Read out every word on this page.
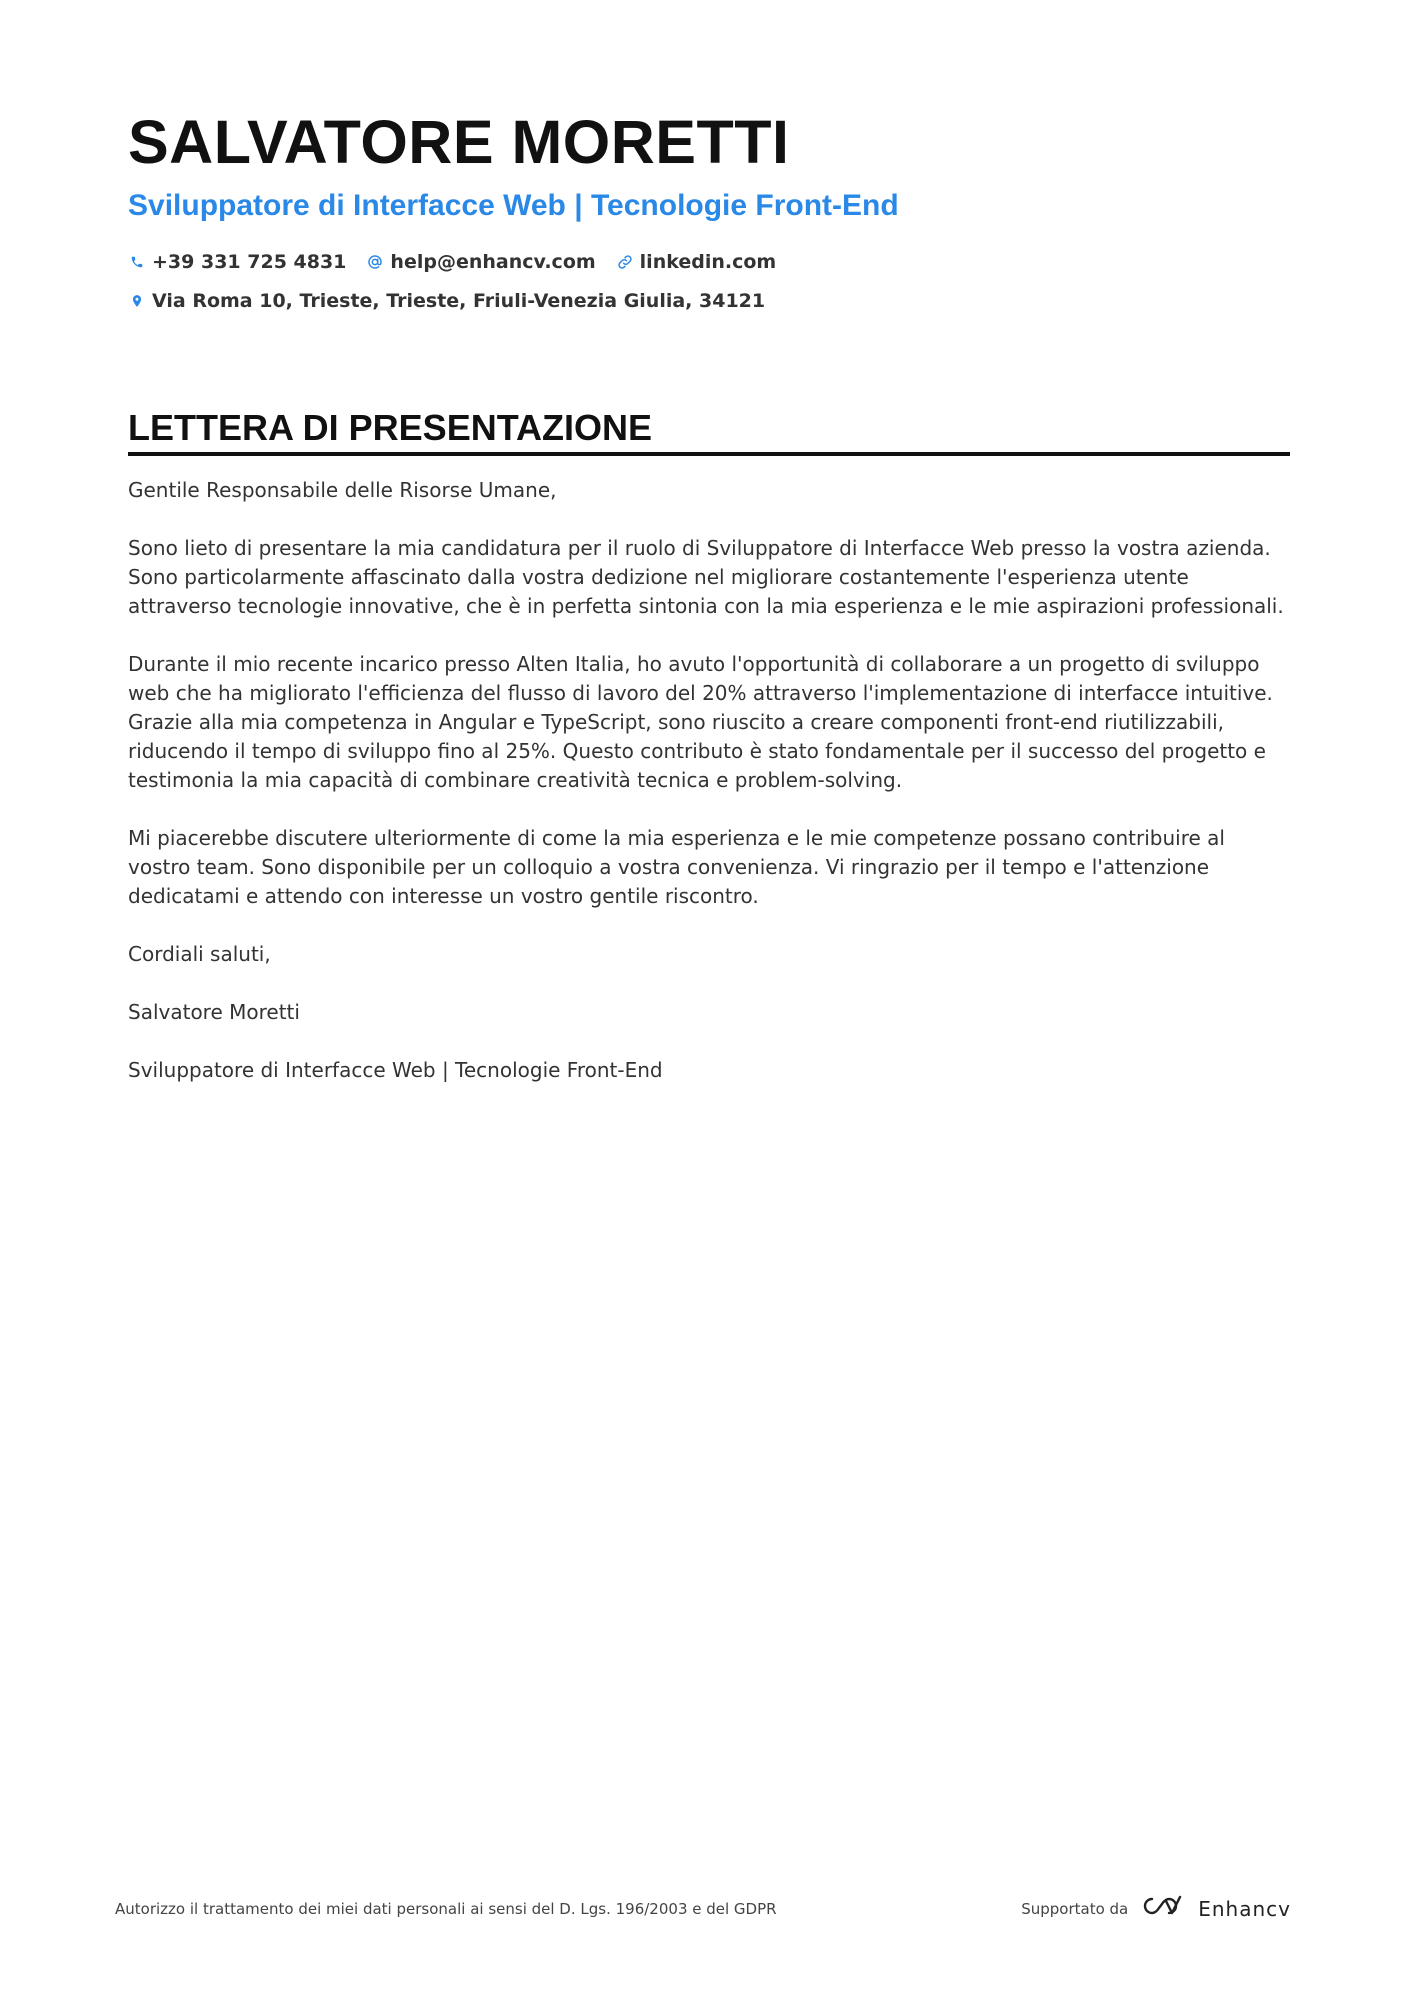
SALVATORE MORETTI
Sviluppatore di Interfacce Web | Tecnologie Front-End
+39 331 725 4831 help@enhancv.com linkedin.com
Via Roma 10, Trieste, Trieste, Friuli-Venezia Giulia, 34121
LETTERA DI PRESENTAZIONE

Gentile Responsabile delle Risorse Umane,

Sono lieto di presentare la mia candidatura per il ruolo di Sviluppatore di Interfacce Web presso la vostra azienda. Sono particolarmente affascinato dalla vostra dedizione nel migliorare costantemente l'esperienza utente attraverso tecnologie innovative, che è in perfetta sintonia con la mia esperienza e le mie aspirazioni professionali.

Durante il mio recente incarico presso Alten Italia, ho avuto l'opportunità di collaborare a un progetto di sviluppo web che ha migliorato l'efficienza del flusso di lavoro del 20% attraverso l'implementazione di interfacce intuitive. Grazie alla mia competenza in Angular e TypeScript, sono riuscito a creare componenti front-end riutilizzabili, riducendo il tempo di sviluppo fino al 25%. Questo contributo è stato fondamentale per il successo del progetto e testimonia la mia capacità di combinare creatività tecnica e problem-solving.

Mi piacerebbe discutere ulteriormente di come la mia esperienza e le mie competenze possano contribuire al vostro team. Sono disponibile per un colloquio a vostra convenienza. Vi ringrazio per il tempo e l'attenzione dedicatami e attendo con interesse un vostro gentile riscontro.

Cordiali saluti,

Salvatore Moretti

Sviluppatore di Interfacce Web | Tecnologie Front-End

Autorizzo il trattamento dei miei dati personali ai sensi del D. Lgs. 196/2003 e del GDPR	Supportato da	Enhancv
